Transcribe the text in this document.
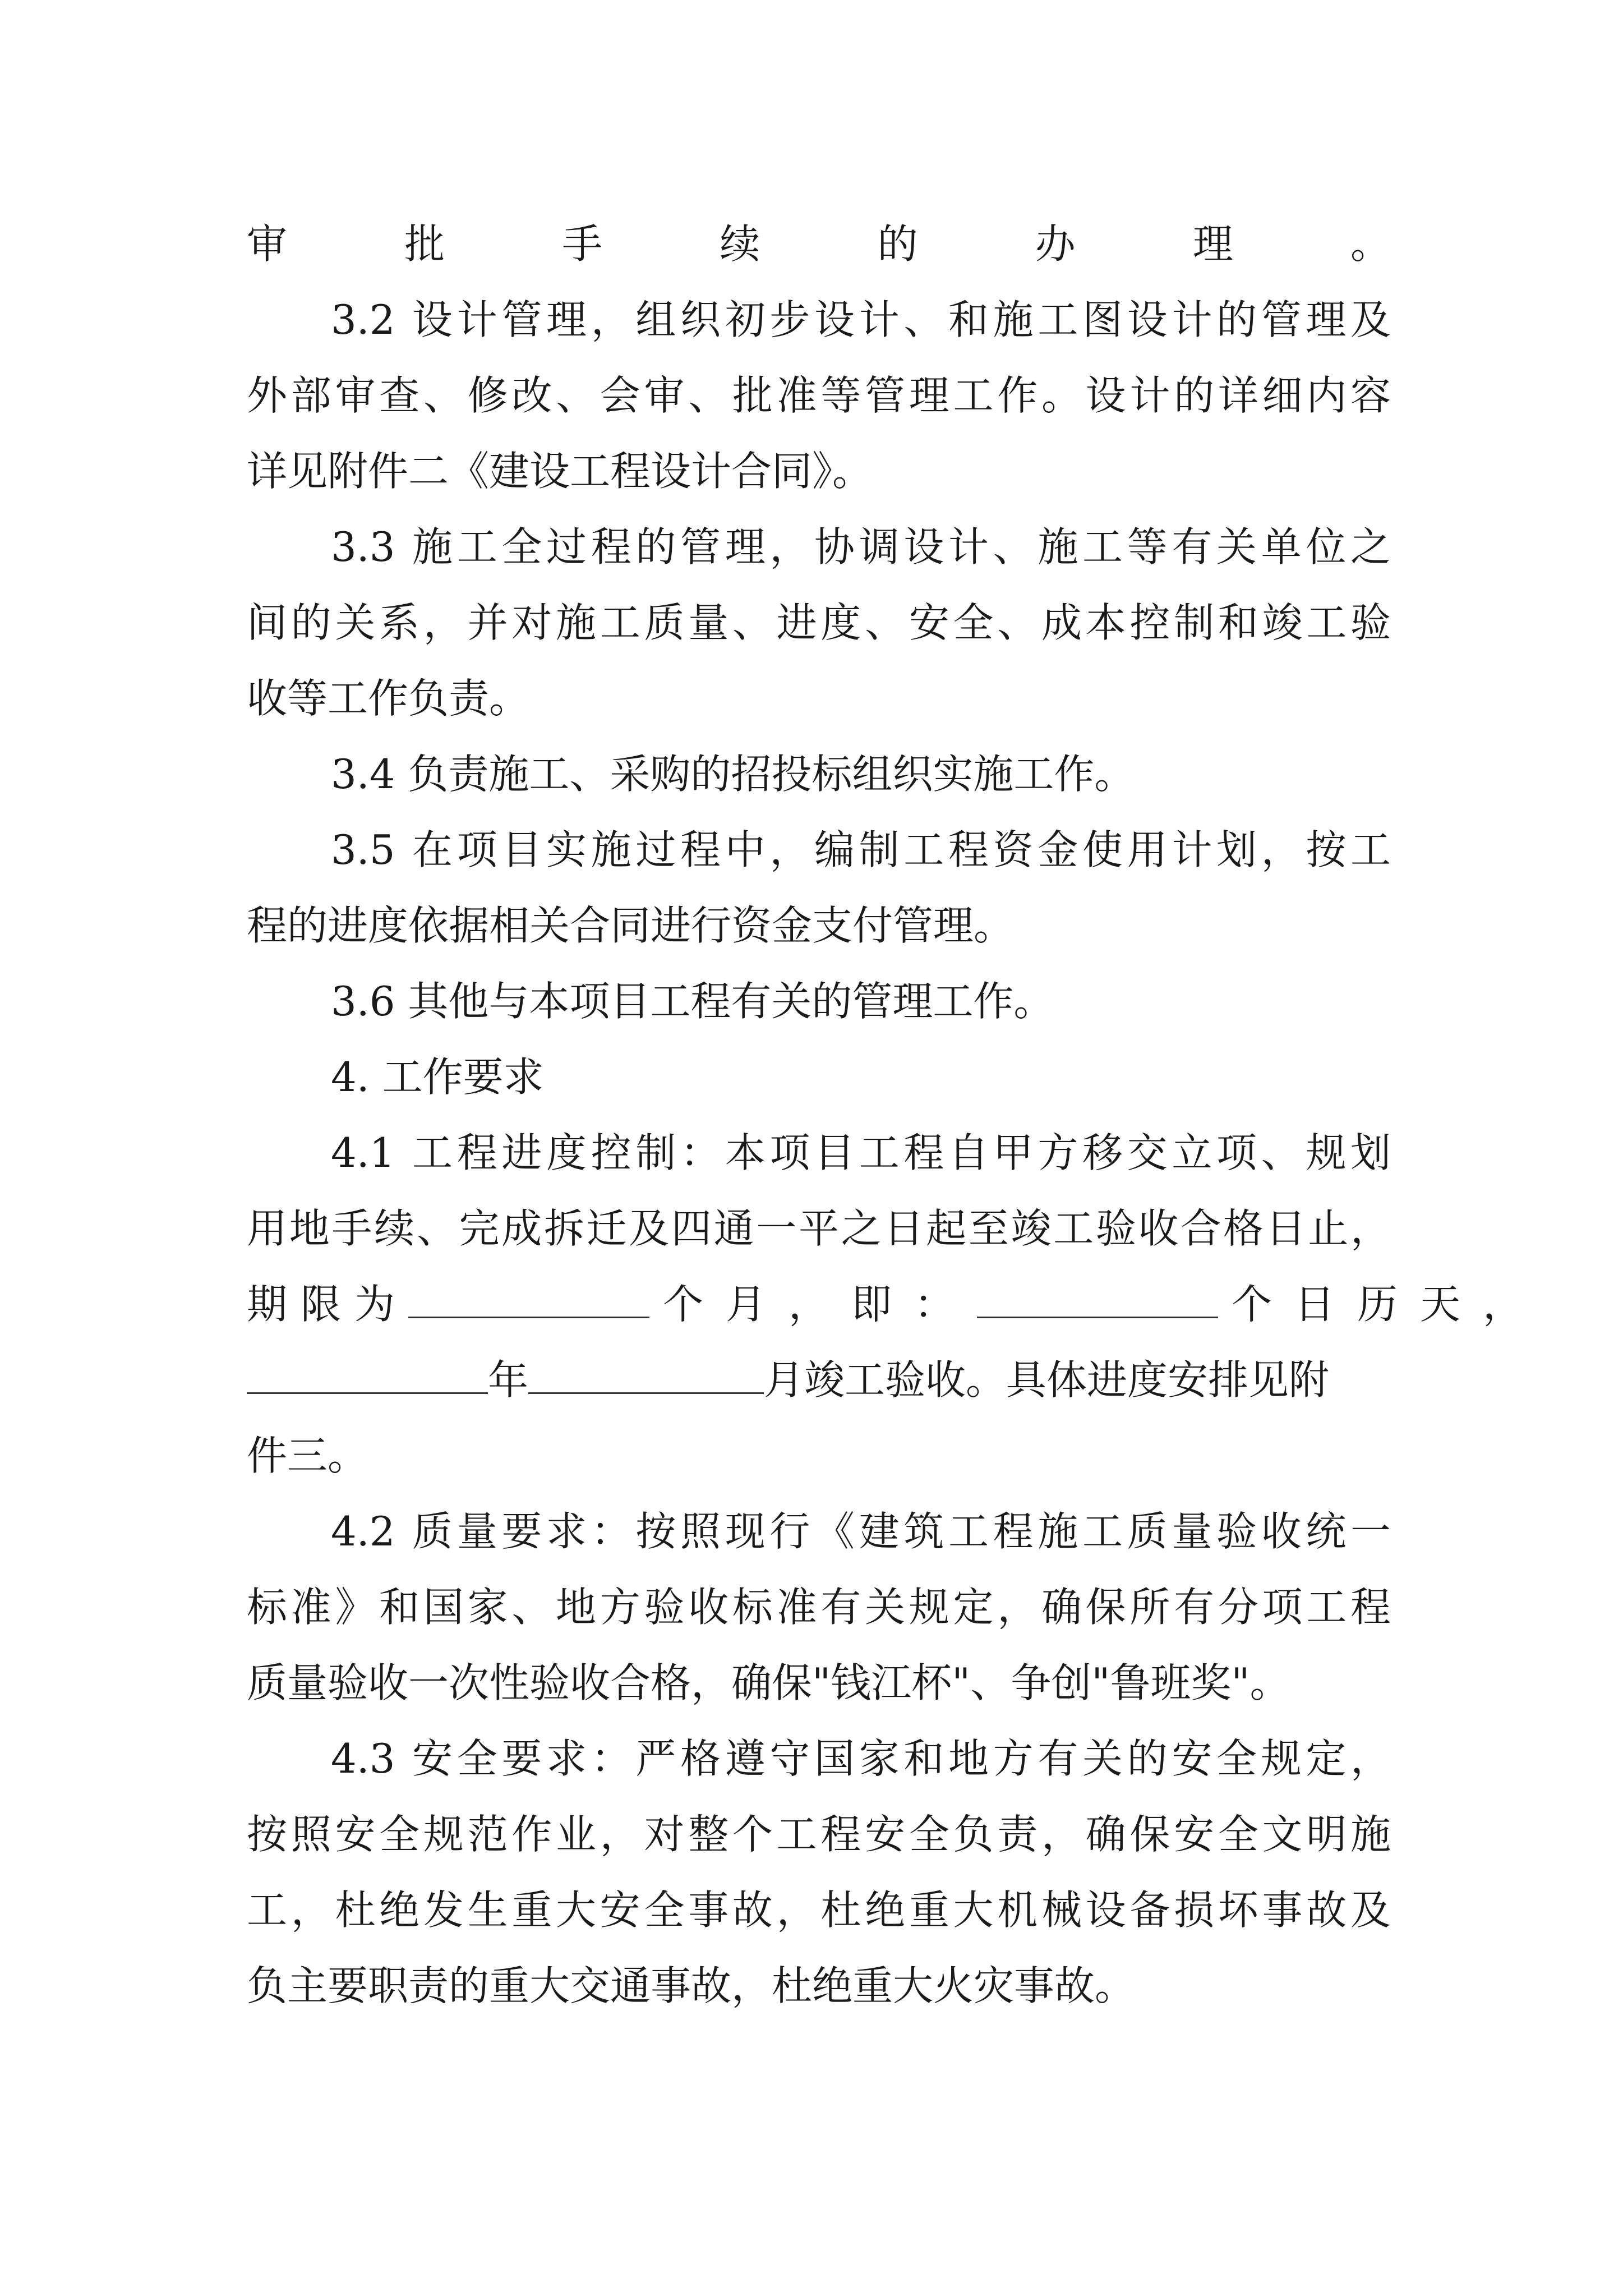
审批手续的办理。
3.2 设计管理，组织初步设计、和施工图设计的管理及
外部审查、修改、会审、批准等管理工作。设计的详细内容
详见附件二《建设工程设计合同》。
3.3 施工全过程的管理，协调设计、施工等有关单位之
间的关系，并对施工质量、进度、安全、成本控制和竣工验
收等工作负责。
3.4 负责施工、采购的招投标组织实施工作。
3.5 在项目实施过程中，编制工程资金使用计划，按工
程的进度依据相关合同进行资金支付管理。
3.6 其他与本项目工程有关的管理工作。
4. 工作要求
4.1 工程进度控制：本项目工程自甲方移交立项、规划
用地手续、完成拆迁及四通一平之日起至竣工验收合格日止，
期限为	个月，即：	个日历天，
年	月竣工验收。具体进度安排见附
件三。
4.2 质量要求：按照现行《建筑工程施工质量验收统一
标准》和国家、地方验收标准有关规定，确保所有分项工程
质量验收一次性验收合格，确保"钱江杯"、争创"鲁班奖"。
4.3 安全要求：严格遵守国家和地方有关的安全规定，
按照安全规范作业，对整个工程安全负责，确保安全文明施
工，杜绝发生重大安全事故，杜绝重大机械设备损坏事故及
负主要职责的重大交通事故，杜绝重大火灾事故。
